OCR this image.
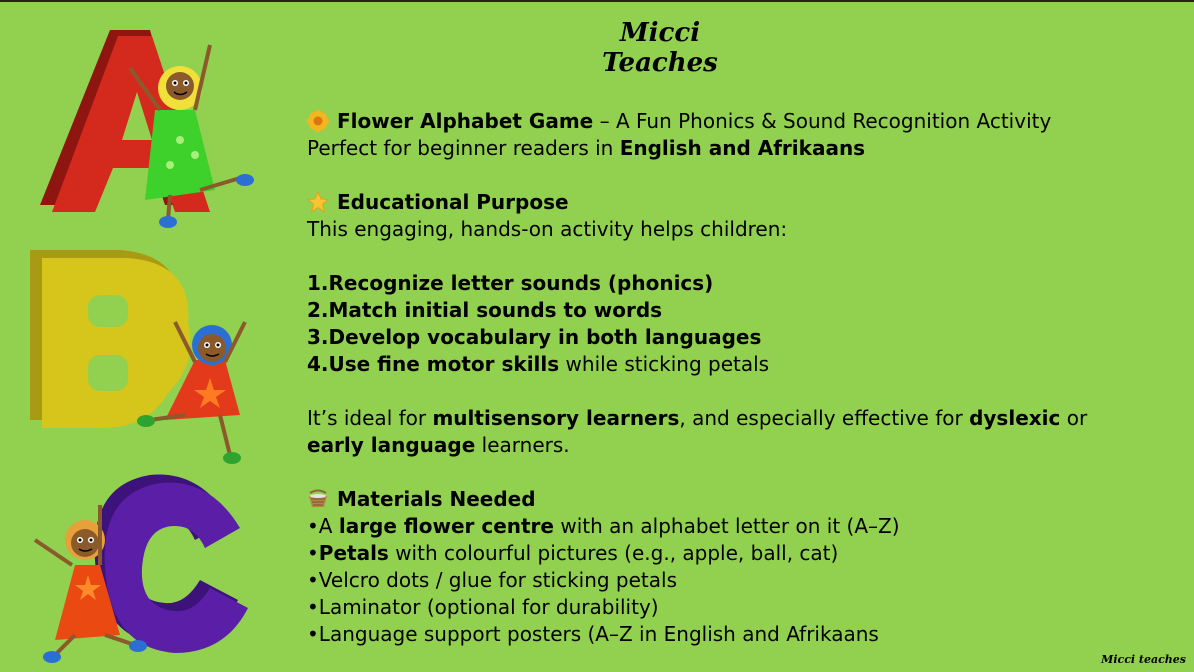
Micci Teaches
Flower Alphabet Game – A Fun Phonics & Sound Recognition Activity
Perfect for beginner readers in English and Afrikaans
Educational Purpose
This engaging, hands-on activity helps children:
1.Recognize letter sounds (phonics)
2.Match initial sounds to words
3.Develop vocabulary in both languages
4.Use fine motor skills while sticking petals
It’s ideal for multisensory learners, and especially effective for dyslexic or
early language learners.
Materials Needed
•A large flower centre with an alphabet letter on it (A–Z)
•Petals with colourful pictures (e.g., apple, ball, cat)
•Velcro dots / glue for sticking petals
•Laminator (optional for durability)
•Language support posters (A–Z in English and Afrikaans
Micci teaches
